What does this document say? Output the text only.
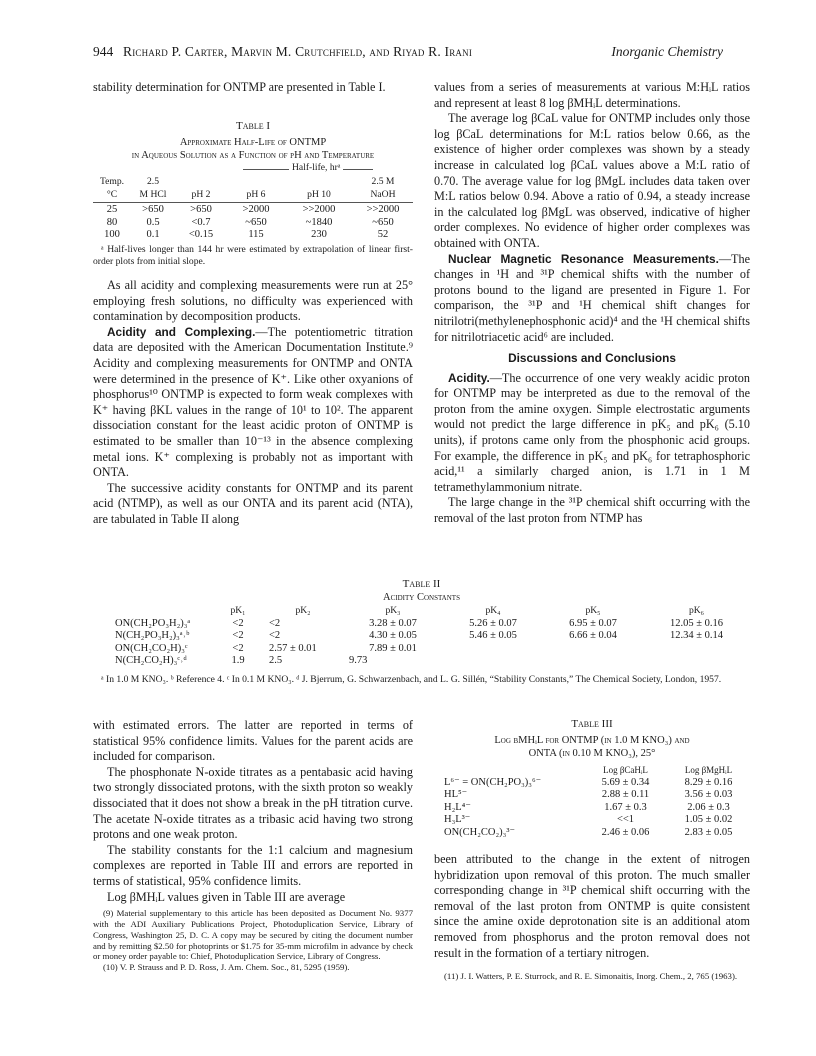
944 Richard P. Carter, Marvin M. Crutchfield, and Riyad R. Irani	Inorganic Chemistry

stability determination for ONTMP are presented in Table I.

Table I
Approximate Half-Life of ONTMP
in Aqueous Solution as a Function of pH and Temperature
Half-life, hrᵃ
Temp.	2.5				2.5 M
°C	M HCl	pH 2	pH 6	pH 10	NaOH

25	>650	>650	>2000	>>2000	>>2000
80	0.5	<0.7	~650	~1840	~650
100	0.1	<0.15	115	230	52
ᵃ Half-lives longer than 144 hr were estimated by extrapolation of linear first-order plots from initial slope.

As all acidity and complexing measurements were run at 25° employing fresh solutions, no difficulty was experienced with contamination by decomposition products.

Acidity and Complexing.—The potentiometric titration data are deposited with the American Documentation Institute.⁹ Acidity and complexing measurements for ONTMP and ONTA were determined in the presence of K⁺. Like other oxyanions of phosphorus¹⁰ ONTMP is expected to form weak complexes with K⁺ having βKL values in the range of 10¹ to 10². The apparent dissociation constant for the least acidic proton of ONTMP is estimated to be smaller than 10⁻¹³ in the absence complexing metal ions. K⁺ complexing is probably not as important with ONTA.

The successive acidity constants for ONTMP and its parent acid (NTMP), as well as our ONTA and its parent acid (NTA), are tabulated in Table II along

values from a series of measurements at various M:HᵢL ratios and represent at least 8 log βMHᵢL determinations.

The average log βCaL value for ONTMP includes only those log βCaL determinations for M:L ratios below 0.66, as the existence of higher order complexes was shown by a steady increase in calculated log βCaL values above a M:L ratio of 0.70. The average value for log βMgL includes data taken over M:L ratios below 0.94. Above a ratio of 0.94, a steady increase in the calculated log βMgL was observed, indicative of higher order complexes. No evidence of higher order complexes was obtained with ONTA.

Nuclear Magnetic Resonance Measurements.—The changes in ¹H and ³¹P chemical shifts with the number of protons bound to the ligand are presented in Figure 1. For comparison, the ³¹P and ¹H chemical shift changes for nitrilotri(methylenephosphonic acid)⁴ and the ¹H chemical shifts for nitrilotriacetic acid⁶ are included.

Discussions and Conclusions

Acidity.—The occurrence of one very weakly acidic proton for ONTMP may be interpreted as due to the removal of the proton from the amine oxygen. Simple electrostatic arguments would not predict the large difference in pK₅ and pK₆ (5.10 units), if protons came only from the phosphonic acid groups. For example, the difference in pK₅ and pK₆ for tetraphosphoric acid,¹¹ a similarly charged anion, is 1.71 in 1 M tetramethylammonium nitrate.

The large change in the ³¹P chemical shift occurring with the removal of the last proton from NTMP has

Table II
Acidity Constants
	pK₁	pK₂	pK₃	pK₄	pK₅	pK₆
ON(CH₂PO₃H₂)₃ᵃ	<2	<2	3.28 ± 0.07	5.26 ± 0.07	6.95 ± 0.07	12.05 ± 0.16
N(CH₂PO₃H₂)₃ᵃ˒ᵇ	<2	<2	4.30 ± 0.05	5.46 ± 0.05	6.66 ± 0.04	12.34 ± 0.14
ON(CH₂CO₂H)₃ᶜ	<2	2.57 ± 0.01	7.89 ± 0.01			
N(CH₂CO₂H)₃ᶜ˒ᵈ	1.9	2.5	9.73			
ᵃ In 1.0 M KNO₃. ᵇ Reference 4. ᶜ In 0.1 M KNO₃. ᵈ J. Bjerrum, G. Schwarzenbach, and L. G. Sillén, “Stability Constants,” The Chemical Society, London, 1957.

with estimated errors. The latter are reported in terms of statistical 95% confidence limits. Values for the parent acids are included for comparison.

The phosphonate N-oxide titrates as a pentabasic acid having two strongly dissociated protons, with the sixth proton so weakly dissociated that it does not show a break in the pH titration curve. The acetate N-oxide titrates as a tribasic acid having two strong protons and one weak proton.

The stability constants for the 1:1 calcium and magnesium complexes are reported in Table III and errors are reported in terms of statistical, 95% confidence limits.

Log βMHᵢL values given in Table III are average

(9) Material supplementary to this article has been deposited as Document No. 9377 with the ADI Auxiliary Publications Project, Photoduplication Service, Library of Congress, Washington 25, D. C. A copy may be secured by citing the document number and by remitting $2.50 for photoprints or $1.75 for 35-mm microfilm in advance by check or money order payable to: Chief, Photoduplication Service, Library of Congress.

(10) V. P. Strauss and P. D. Ross, J. Am. Chem. Soc., 81, 5295 (1959).

Table III
Log βMHᵢL for ONTMP (in 1.0 M KNO₃) and
ONTA (in 0.10 M KNO₃), 25°
	Log βCaHᵢL	Log βMgHᵢL
L⁶⁻ = ON(CH₂PO₃)₃⁶⁻	5.69 ± 0.34	8.29 ± 0.16
HL⁵⁻	2.88 ± 0.11	3.56 ± 0.03
H₂L⁴⁻	1.67 ± 0.3	2.06 ± 0.3
H₃L³⁻	<<1	1.05 ± 0.02
ON(CH₂CO₂)₃³⁻	2.46 ± 0.06	2.83 ± 0.05

been attributed to the change in the extent of nitrogen hybridization upon removal of this proton. The much smaller corresponding change in ³¹P chemical shift occurring with the removal of the last proton from ONTMP is quite consistent since the amine oxide deprotonation site is an additional atom removed from phosphorus and the proton removal does not result in the formation of a tertiary nitrogen.

(11) J. I. Watters, P. E. Sturrock, and R. E. Simonaitis, Inorg. Chem., 2, 765 (1963).
